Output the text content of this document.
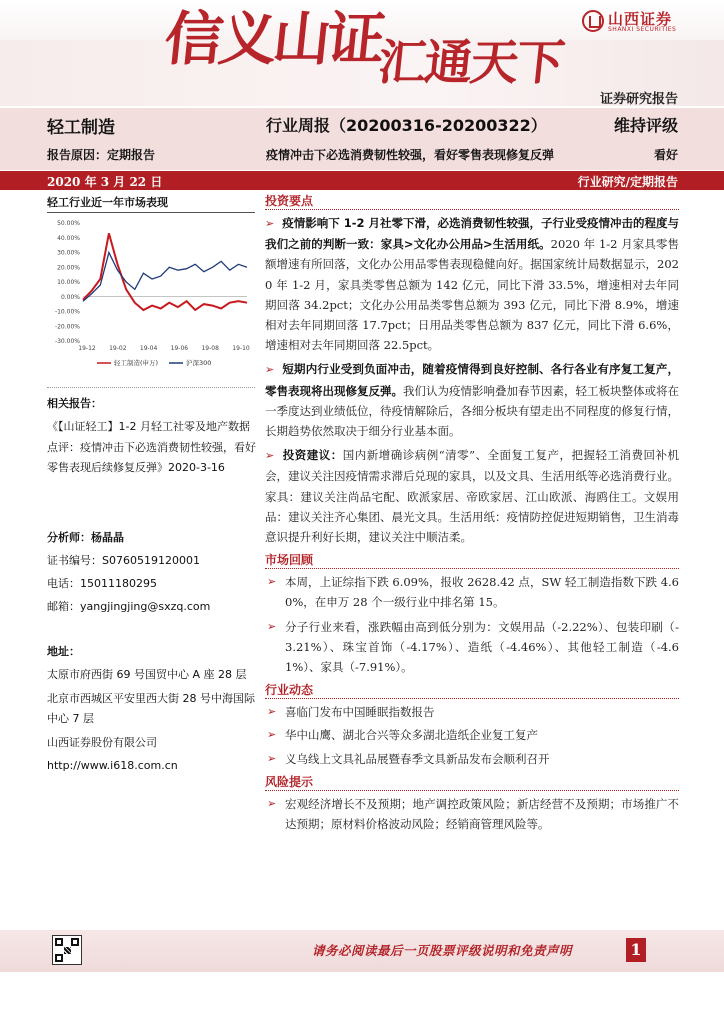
信义山证$_{汇通天下}$
山西证券
SHANXI SECURITIES
证券研究报告
轻工制造
报告原因：定期报告
行业周报（20200316-20200322）	维持评级
疫情冲击下必选消费韧性较强，看好零售表现修复反弹	看好
2020 年 3 月 22 日	行业研究/定期报告
轻工行业近一年市场表现
50.00%
40.00%
30.00%
20.00%
10.00%
0.00%
-10.00%
-20.00%
-30.00%
19-12 19-02 19-04 19-06 19-08 19-10
轻工制造(申万)	沪深300
相关报告：
《【山证轻工】1-2 月轻工社零及地产数据点评：疫情冲击下必选消费韧性较强，看好零售表现后续修复反弹》2020-3-16
分析师：杨晶晶
证书编号：S0760519120001
电话：15011180295
邮箱：yangjingjing@sxzq.com
地址：
太原市府西街 69 号国贸中心 A 座 28 层
北京市西城区平安里西大街 28 号中海国际中心 7 层
山西证券股份有限公司
http://www.i618.com.cn
投资要点
➢ 疫情影响下 1-2 月社零下滑，必选消费韧性较强，子行业受疫情冲击的程度与我们之前的判断一致：家具>文化办公用品>生活用纸。2020 年 1-2 月家具零售额增速有所回落，文化办公用品零售表现稳健向好。据国家统计局数据显示，2020 年 1-2 月，家具类零售总额为 142 亿元，同比下滑 33.5%，增速相对去年同期回落 34.2pct；文化办公用品类零售总额为 393 亿元，同比下滑 8.9%，增速相对去年同期回落 17.7pct；日用品类零售总额为 837 亿元，同比下滑 6.6%，增速相对去年同期回落 22.5pct。
➢ 短期内行业受到负面冲击，随着疫情得到良好控制、各行各业有序复工复产，零售表现将出现修复反弹。我们认为疫情影响叠加春节因素，轻工板块整体或将在一季度达到业绩低位，待疫情解除后，各细分板块有望走出不同程度的修复行情，长期趋势依然取决于细分行业基本面。
➢ 投资建议：国内新增确诊病例“清零”、全面复工复产，把握轻工消费回补机会，建议关注因疫情需求滞后兑现的家具，以及文具、生活用纸等必选消费行业。家具：建议关注尚品宅配、欧派家居、帝欧家居、江山欧派、海鸥住工。文娱用品：建议关注齐心集团、晨光文具。生活用纸：疫情防控促进短期销售，卫生消毒意识提升利好长期，建议关注中顺洁柔。
市场回顾
➢ 本周，上证综指下跌 6.09%，报收 2628.42 点，SW 轻工制造指数下跌 4.60%，在申万 28 个一级行业中排名第 15。
➢ 分子行业来看，涨跌幅由高到低分别为：文娱用品（-2.22%）、包装印刷（-3.21%）、珠宝首饰（-4.17%）、造纸（-4.46%）、其他轻工制造（-4.61%）、家具（-7.91%）。
行业动态
➢ 喜临门发布中国睡眠指数报告
➢ 华中山鹰、湖北合兴等众多湖北造纸企业复工复产
➢ 义乌线上文具礼品展暨春季文具新品发布会顺利召开
风险提示
➢ 宏观经济增长不及预期；地产调控政策风险；新店经营不及预期；市场推广不达预期；原材料价格波动风险；经销商管理风险等。
请务必阅读最后一页股票评级说明和免责声明	1
